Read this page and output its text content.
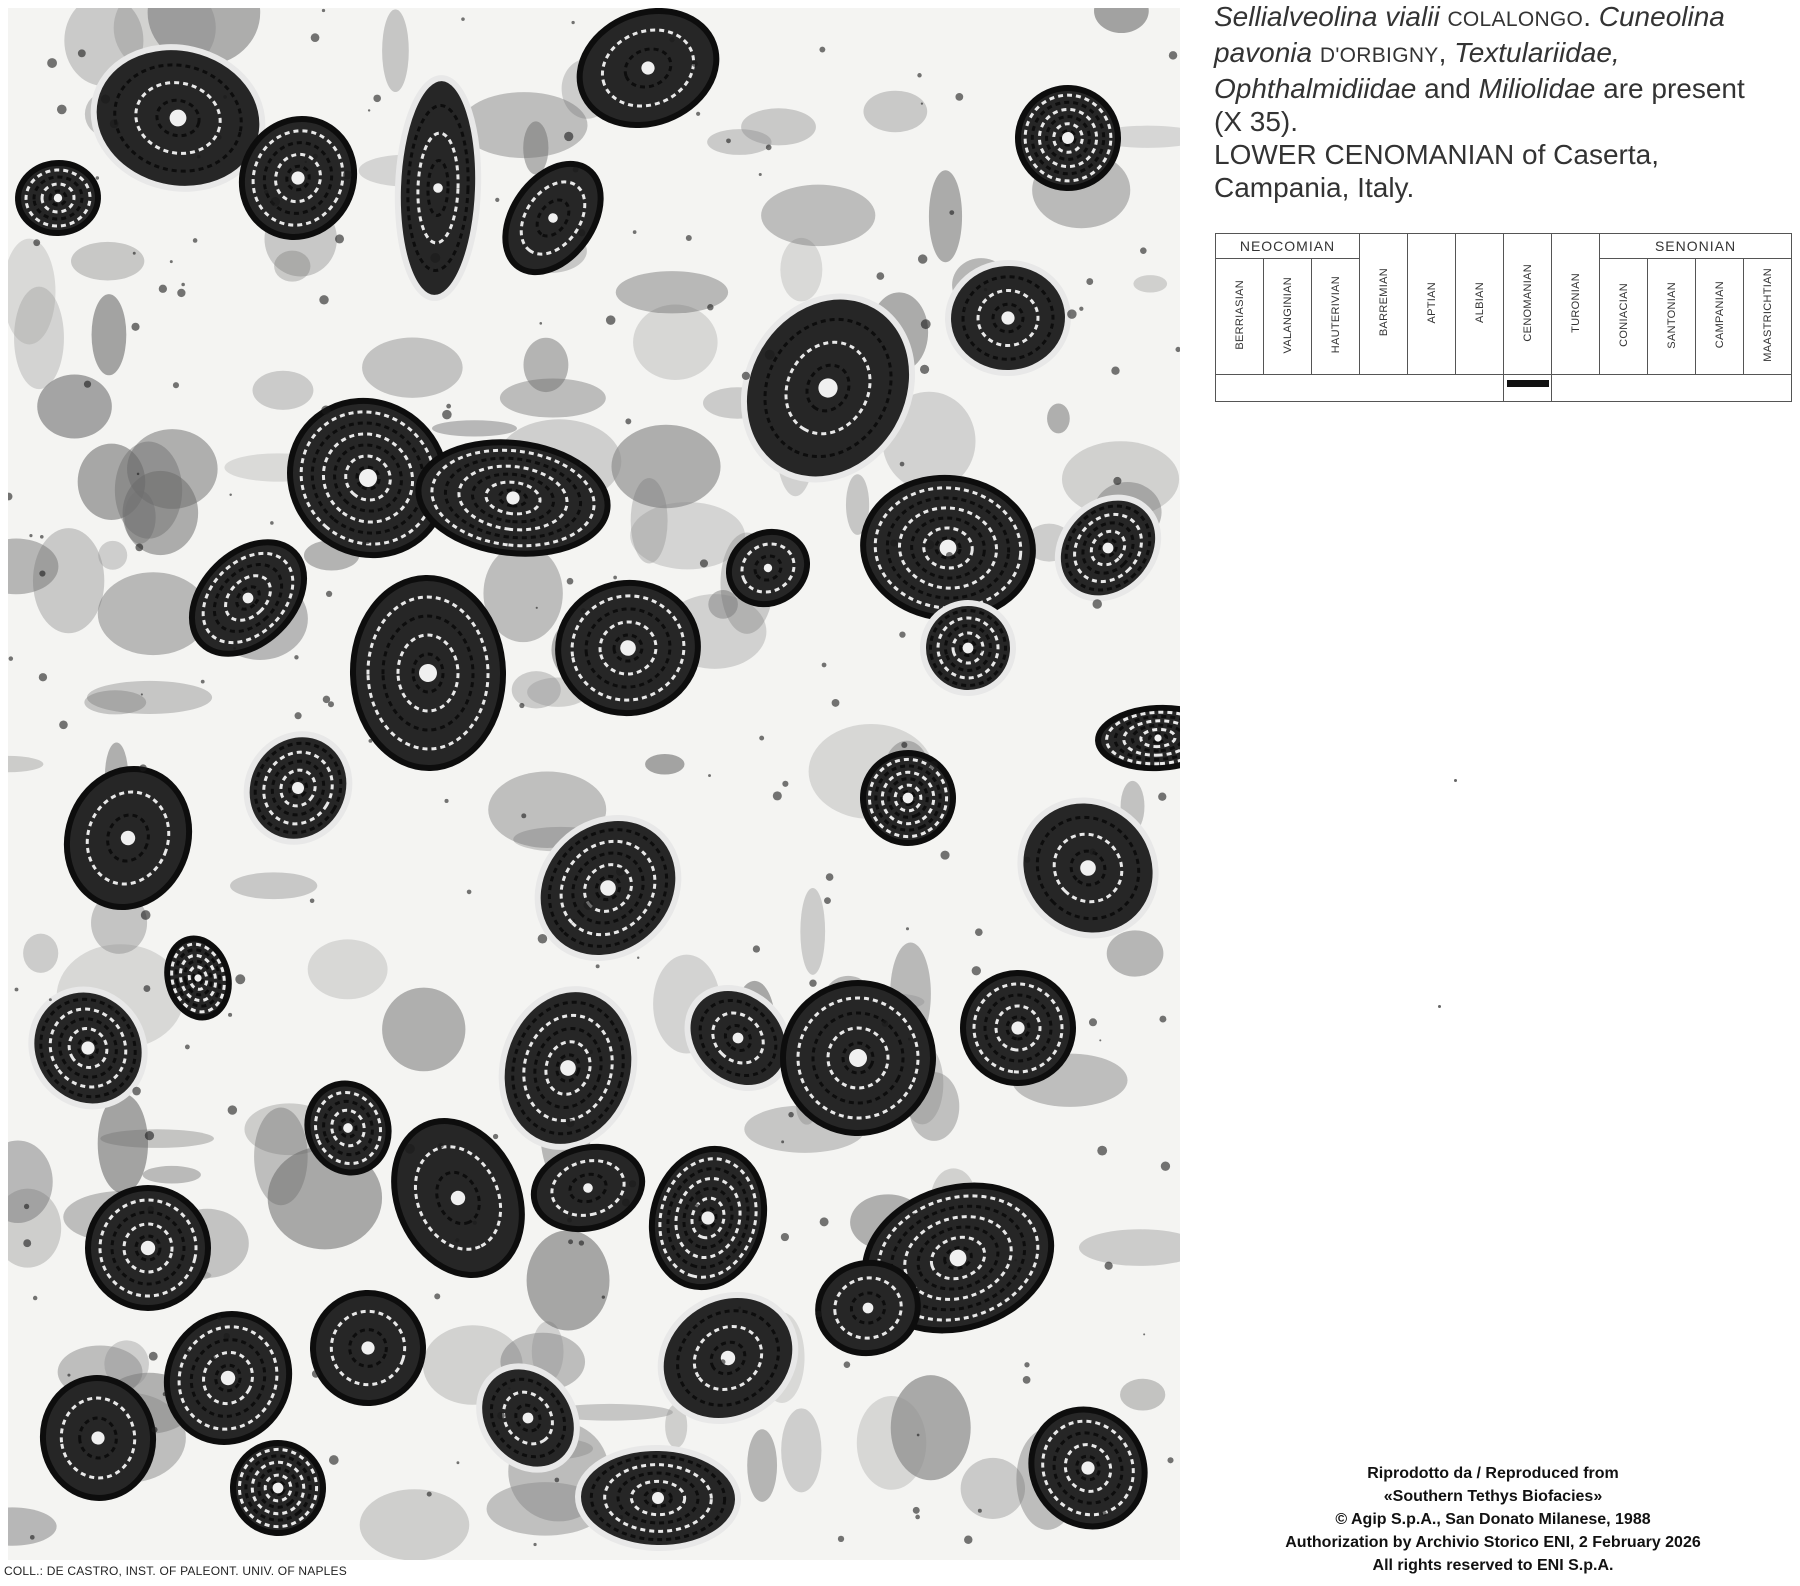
COLL.: DE CASTRO, INST. OF PALEONT. UNIV. OF NAPLES

Sellialveolina vialii COLALONGO. Cuneolina

pavonia D'ORBIGNY, Textulariidae,

Ophthalmidiidae and Miliolidae are present

(X 35).

LOWER CENOMANIAN of Caserta,

Campania, Italy.

NEOCOMIAN			BARREMIAN	APTIAN	ALBIAN	CENOMANIAN	TURONIAN	SENONIAN			
BERRIASIAN	VALANGINIAN	HAUTERIVIAN						CONIACIAN	SANTONIAN	CAMPANIAN	MAASTRICHTIAN

Riprodotto da / Reproduced from
«Southern Tethys Biofacies»
© Agip S.p.A., San Donato Milanese, 1988
Authorization by Archivio Storico ENI, 2 February 2026
All rights reserved to ENI S.p.A.
